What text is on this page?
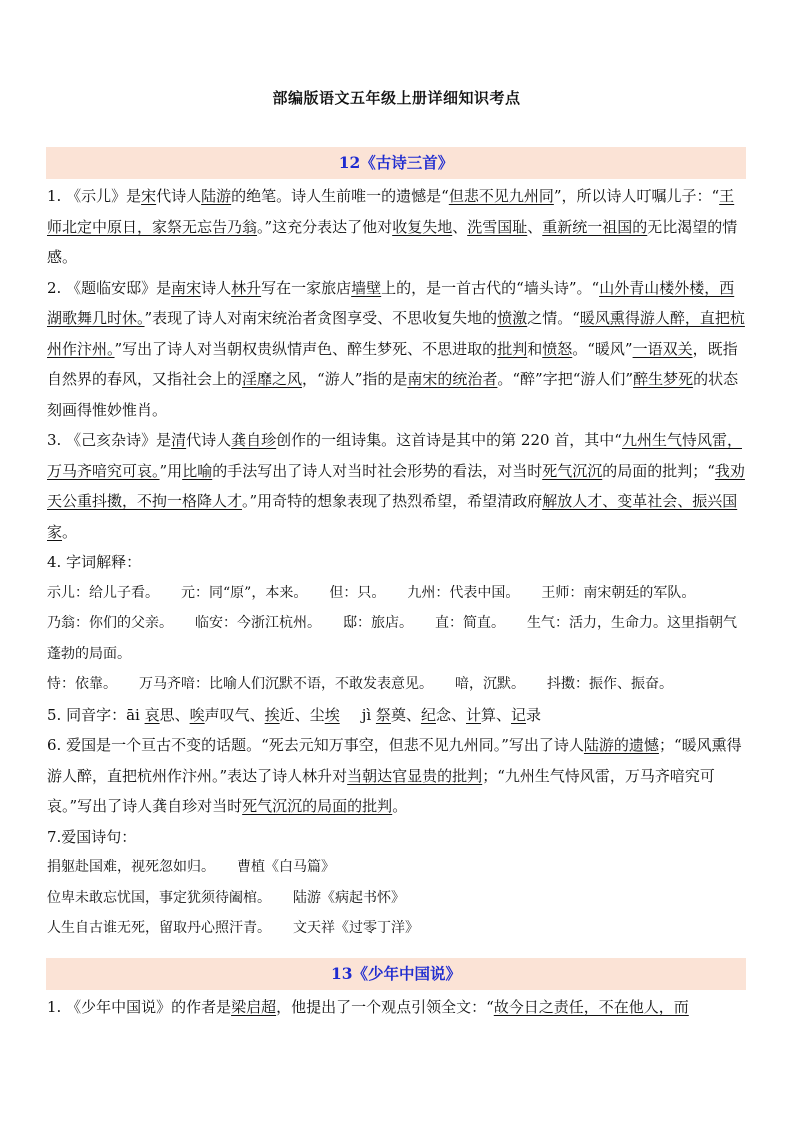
部编版语文五年级上册详细知识考点
12《古诗三首》

1. 《示儿》是宋代诗人陆游的绝笔。诗人生前唯一的遗憾是“但悲不见九州同”，所以诗人叮嘱儿子：“王师北定中原日，家祭无忘告乃翁。”这充分表达了他对收复失地、洗雪国耻、重新统一祖国的无比渴望的情感。

2. 《题临安邸》是南宋诗人林升写在一家旅店墙壁上的，是一首古代的“墙头诗”。“山外青山楼外楼，西湖歌舞几时休。”表现了诗人对南宋统治者贪图享受、不思收复失地的愤激之情。“暖风熏得游人醉，直把杭州作汴州。”写出了诗人对当朝权贵纵情声色、醉生梦死、不思进取的批判和愤怒。“暖风”一语双关，既指自然界的春风，又指社会上的淫靡之风，“游人”指的是南宋的统治者。“醉”字把“游人们”醉生梦死的状态刻画得惟妙惟肖。

3. 《己亥杂诗》是清代诗人龚自珍创作的一组诗集。这首诗是其中的第 220 首，其中“九州生气恃风雷，万马齐喑究可哀。”用比喻的手法写出了诗人对当时社会形势的看法，对当时死气沉沉的局面的批判；“我劝天公重抖擞，不拘一格降人才。”用奇特的想象表现了热烈希望，希望清政府解放人才、变革社会、振兴国家。

4. 字词解释：

示儿：给儿子看。 元：同“原”，本来。 但：只。 九州：代表中国。 王师：南宋朝廷的军队。

乃翁：你们的父亲。 临安：今浙江杭州。 邸：旅店。 直：简直。 生气：活力，生命力。这里指朝气蓬勃的局面。

恃：依靠。 万马齐喑：比喻人们沉默不语，不敢发表意见。 喑，沉默。 抖擞：振作、振奋。

5. 同音字：āi 哀思、唉声叹气、挨近、尘埃 jì 祭奠、纪念、计算、记录

6. 爱国是一个亘古不变的话题。“死去元知万事空，但悲不见九州同。”写出了诗人陆游的遗憾；“暖风熏得游人醉，直把杭州作汴州。”表达了诗人林升对当朝达官显贵的批判；“九州生气恃风雷，万马齐喑究可哀。”写出了诗人龚自珍对当时死气沉沉的局面的批判。

7.爱国诗句：

捐躯赴国难，视死忽如归。 曹植《白马篇》

位卑未敢忘忧国，事定犹须待阖棺。 陆游《病起书怀》

人生自古谁无死，留取丹心照汗青。 文天祥《过零丁洋》

13《少年中国说》

1. 《少年中国说》的作者是梁启超，他提出了一个观点引领全文：“故今日之责任，不在他人，而
